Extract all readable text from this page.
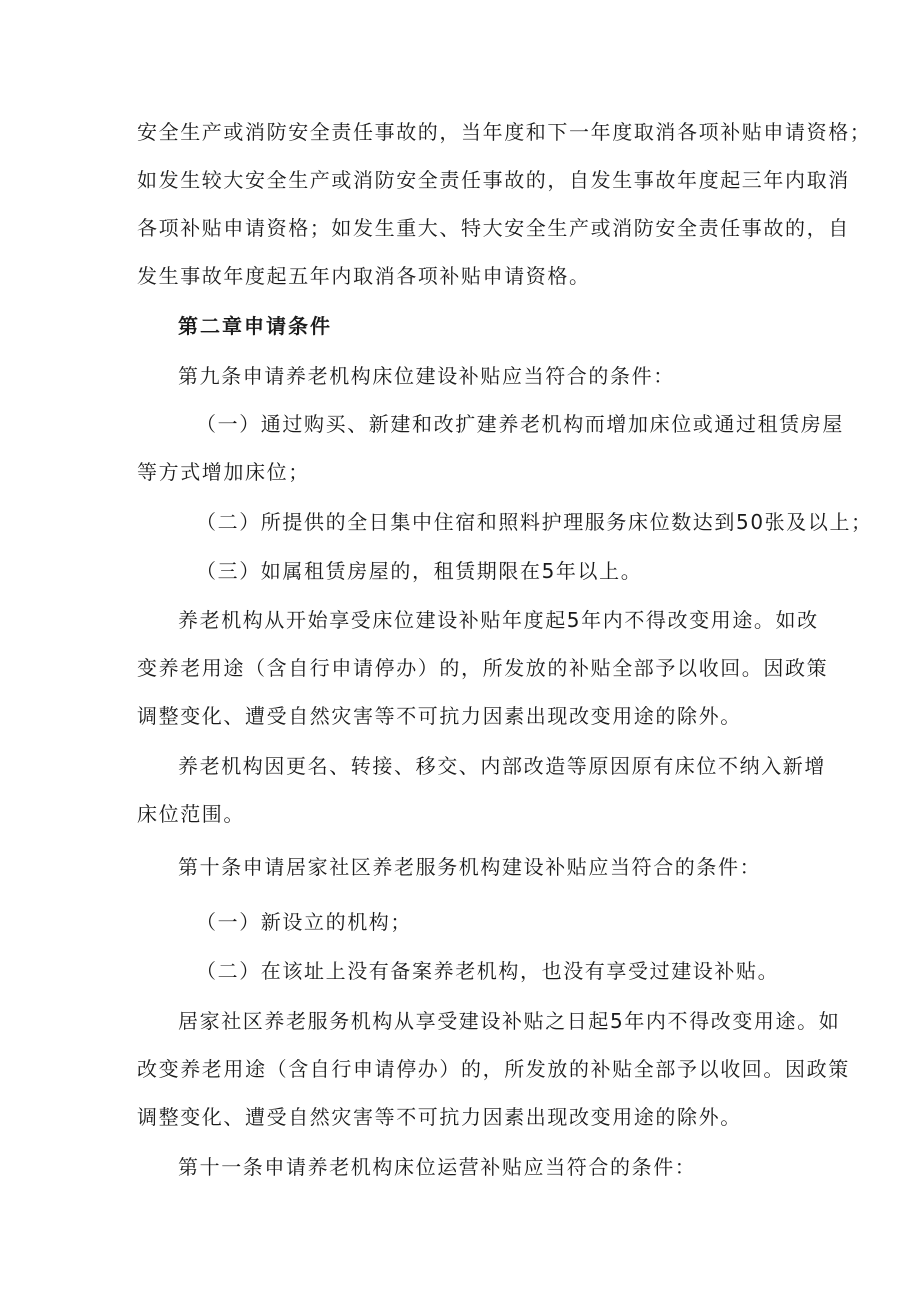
安全生产或消防安全责任事故的，当年度和下一年度取消各项补贴申请资格；
如发生较大安全生产或消防安全责任事故的，自发生事故年度起三年内取消
各项补贴申请资格；如发生重大、特大安全生产或消防安全责任事故的，自
发生事故年度起五年内取消各项补贴申请资格。
第二章申请条件
第九条申请养老机构床位建设补贴应当符合的条件：
（一）通过购买、新建和改扩建养老机构而增加床位或通过租赁房屋
等方式增加床位；
（二）所提供的全日集中住宿和照料护理服务床位数达到50张及以上；
（三）如属租赁房屋的，租赁期限在5年以上。
养老机构从开始享受床位建设补贴年度起5年内不得改变用途。如改
变养老用途（含自行申请停办）的，所发放的补贴全部予以收回。因政策
调整变化、遭受自然灾害等不可抗力因素出现改变用途的除外。
养老机构因更名、转接、移交、内部改造等原因原有床位不纳入新增
床位范围。
第十条申请居家社区养老服务机构建设补贴应当符合的条件：
（一）新设立的机构；
（二）在该址上没有备案养老机构，也没有享受过建设补贴。
居家社区养老服务机构从享受建设补贴之日起5年内不得改变用途。如
改变养老用途（含自行申请停办）的，所发放的补贴全部予以收回。因政策
调整变化、遭受自然灾害等不可抗力因素出现改变用途的除外。
第十一条申请养老机构床位运营补贴应当符合的条件：
